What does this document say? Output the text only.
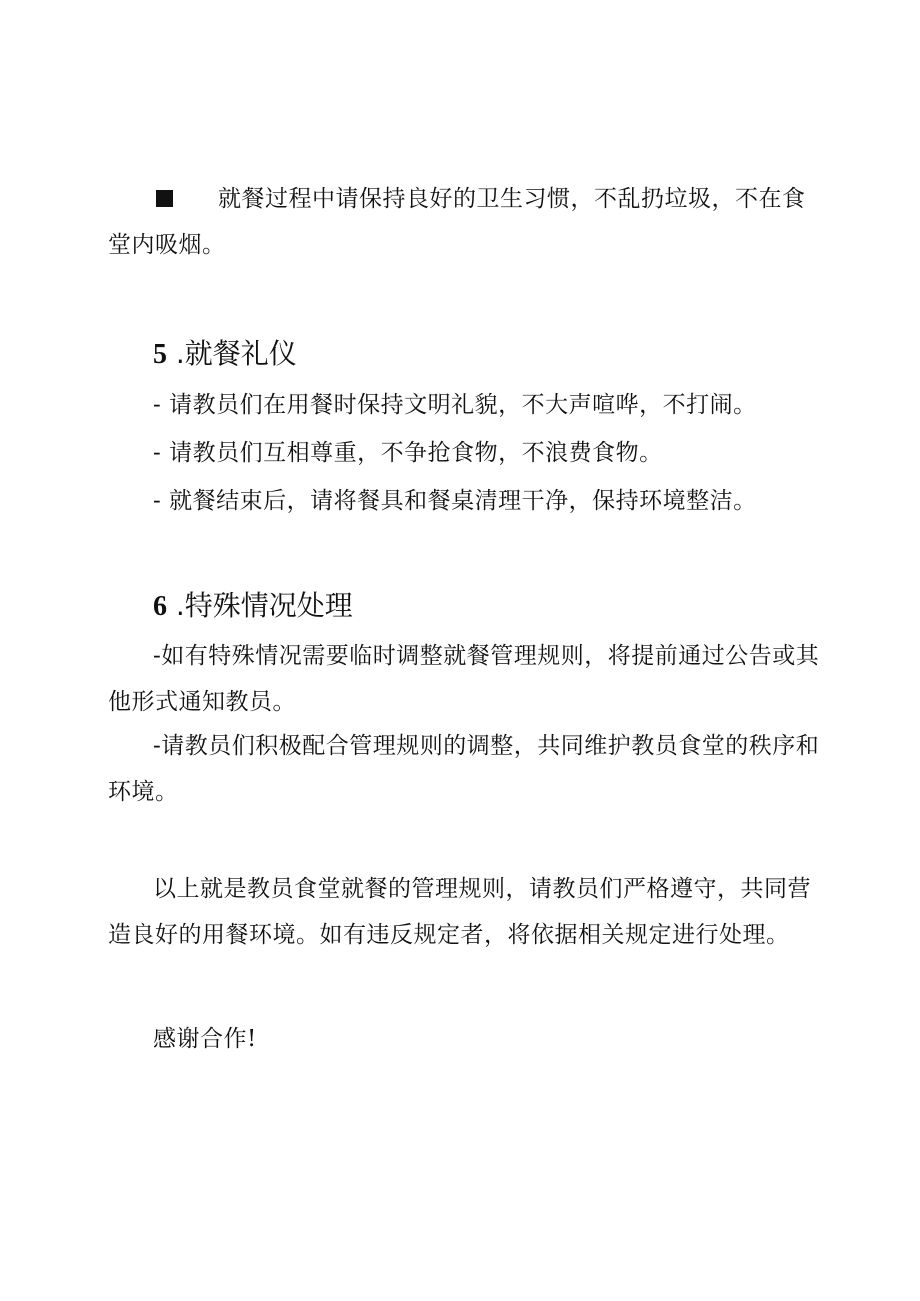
就餐过程中请保持良好的卫生习惯，不乱扔垃圾，不在食堂内吸烟。

5 .就餐礼仪

- 请教员们在用餐时保持文明礼貌，不大声喧哗，不打闹。

- 请教员们互相尊重，不争抢食物，不浪费食物。

- 就餐结束后，请将餐具和餐桌清理干净，保持环境整洁。

6 .特殊情况处理

-如有特殊情况需要临时调整就餐管理规则，将提前通过公告或其他形式通知教员。

-请教员们积极配合管理规则的调整，共同维护教员食堂的秩序和环境。

以上就是教员食堂就餐的管理规则，请教员们严格遵守，共同营造良好的用餐环境。如有违反规定者，将依据相关规定进行处理。

感谢合作!
